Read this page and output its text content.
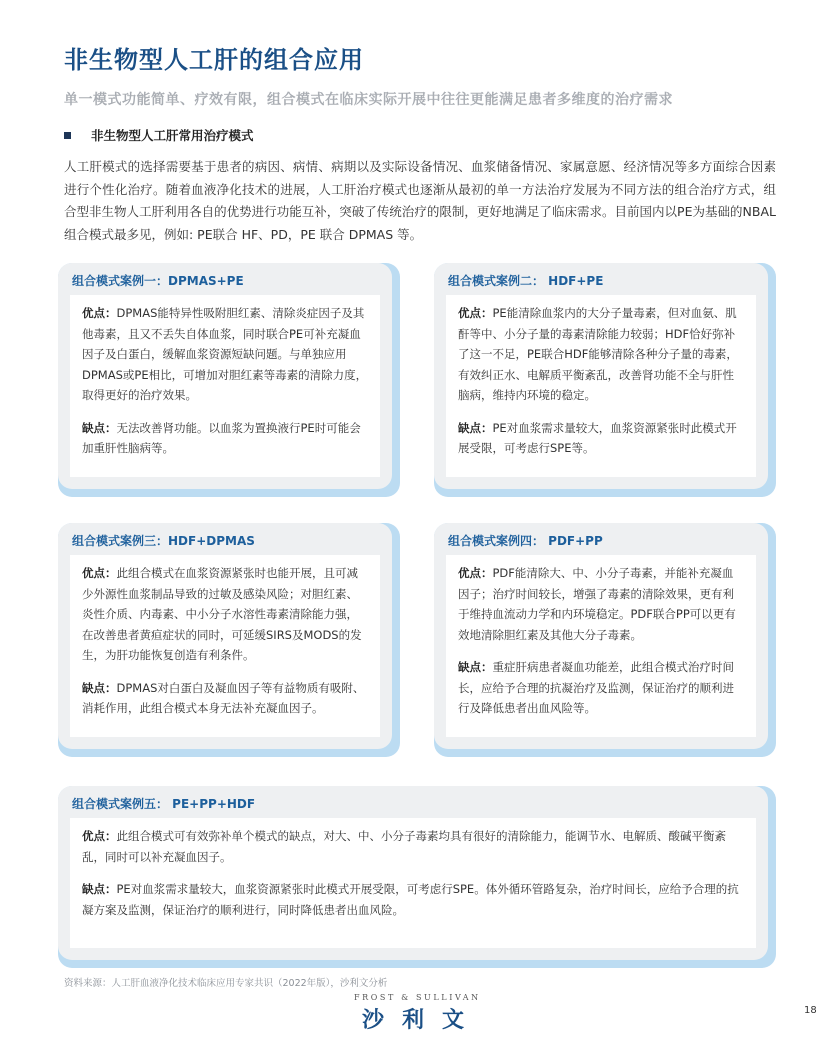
非生物型人工肝的组合应用
单一模式功能简单、疗效有限，组合模式在临床实际开展中往往更能满足患者多维度的治疗需求
非生物型人工肝常用治疗模式
人工肝模式的选择需要基于患者的病因、病情、病期以及实际设备情况、血浆储备情况、家属意愿、经济情况等多方面综合因素进行个性化治疗。随着血液净化技术的进展，人工肝治疗模式也逐渐从最初的单一方法治疗发展为不同方法的组合治疗方式，组合型非生物人工肝利用各自的优势进行功能互补，突破了传统治疗的限制，更好地满足了临床需求。目前国内以PE为基础的NBAL 组合模式最多见，例如: PE联合 HF、PD，PE 联合 DPMAS 等。
组合模式案例一：DPMAS+PE

优点：DPMAS能特异性吸附胆红素、清除炎症因子及其他毒素，且又不丢失自体血浆，同时联合PE可补充凝血因子及白蛋白，缓解血浆资源短缺问题。与单独应用DPMAS或PE相比，可增加对胆红素等毒素的清除力度，取得更好的治疗效果。

缺点：无法改善肾功能。以血浆为置换液行PE时可能会加重肝性脑病等。

组合模式案例二： HDF+PE

优点：PE能清除血浆内的大分子量毒素，但对血氨、肌酐等中、小分子量的毒素清除能力较弱；HDF恰好弥补了这一不足，PE联合HDF能够清除各种分子量的毒素，有效纠正水、电解质平衡紊乱，改善肾功能不全与肝性脑病，维持内环境的稳定。

缺点：PE对血浆需求量较大，血浆资源紧张时此模式开展受限，可考虑行SPE等。

组合模式案例三：HDF+DPMAS

优点：此组合模式在血浆资源紧张时也能开展，且可减少外源性血浆制品导致的过敏及感染风险；对胆红素、炎性介质、内毒素、中小分子水溶性毒素清除能力强，在改善患者黄疸症状的同时，可延缓SIRS及MODS的发生，为肝功能恢复创造有利条件。

缺点：DPMAS对白蛋白及凝血因子等有益物质有吸附、消耗作用，此组合模式本身无法补充凝血因子。

组合模式案例四： PDF+PP

优点：PDF能清除大、中、小分子毒素，并能补充凝血因子；治疗时间较长，增强了毒素的清除效果，更有利于维持血流动力学和内环境稳定。PDF联合PP可以更有效地清除胆红素及其他大分子毒素。

缺点：重症肝病患者凝血功能差，此组合模式治疗时间长，应给予合理的抗凝治疗及监测，保证治疗的顺利进行及降低患者出血风险等。

组合模式案例五： PE+PP+HDF

优点：此组合模式可有效弥补单个模式的缺点，对大、中、小分子毒素均具有很好的清除能力，能调节水、电解质、酸碱平衡紊乱，同时可以补充凝血因子。

缺点：PE对血浆需求量较大，血浆资源紧张时此模式开展受限，可考虑行SPE。体外循环管路复杂，治疗时间长，应给予合理的抗凝方案及监测，保证治疗的顺利进行，同时降低患者出血风险。

资料来源：人工肝血液净化技术临床应用专家共识（2022年版），沙利文分析
FROST & SULLIVAN
沙利文	18
